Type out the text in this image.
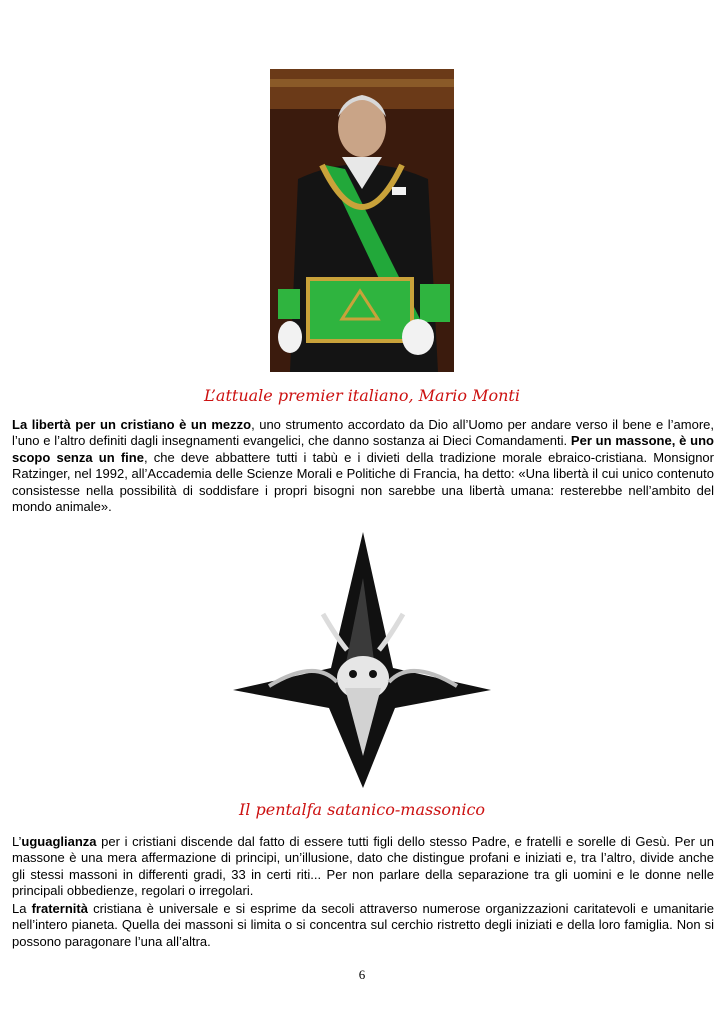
L’attuale premier italiano, Mario Monti

La libertà per un cristiano è un mezzo, uno strumento accordato da Dio all’Uomo per andare verso il bene e l’amore, l’uno e l’altro definiti dagli insegnamenti evangelici, che danno sostanza ai Dieci Comandamenti. Per un massone, è uno scopo senza un fine, che deve abbattere tutti i tabù e i divieti della tradizione morale ebraico-cristiana. Monsignor Ratzinger, nel 1992, all’Accademia delle Scienze Morali e Politiche di Francia, ha detto: «Una libertà il cui unico contenuto consistesse nella possibilità di soddisfare i propri bisogni non sarebbe una libertà umana: resterebbe nell’ambito del mondo animale».

Il pentalfa satanico-massonico

L’uguaglianza per i cristiani discende dal fatto di essere tutti figli dello stesso Padre, e fratelli e sorelle di Gesù. Per un massone è una mera affermazione di principi, un’illusione, dato che distingue profani e iniziati e, tra l’altro, divide anche gli stessi massoni in differenti gradi, 33 in certi riti... Per non parlare della separazione tra gli uomini e le donne nelle principali obbedienze, regolari o irregolari.

La fraternità cristiana è universale e si esprime da secoli attraverso numerose organizzazioni caritatevoli e umanitarie nell’intero pianeta. Quella dei massoni si limita o si concentra sul cerchio ristretto degli iniziati e della loro famiglia. Non si possono paragonare l’una all’altra.

6
